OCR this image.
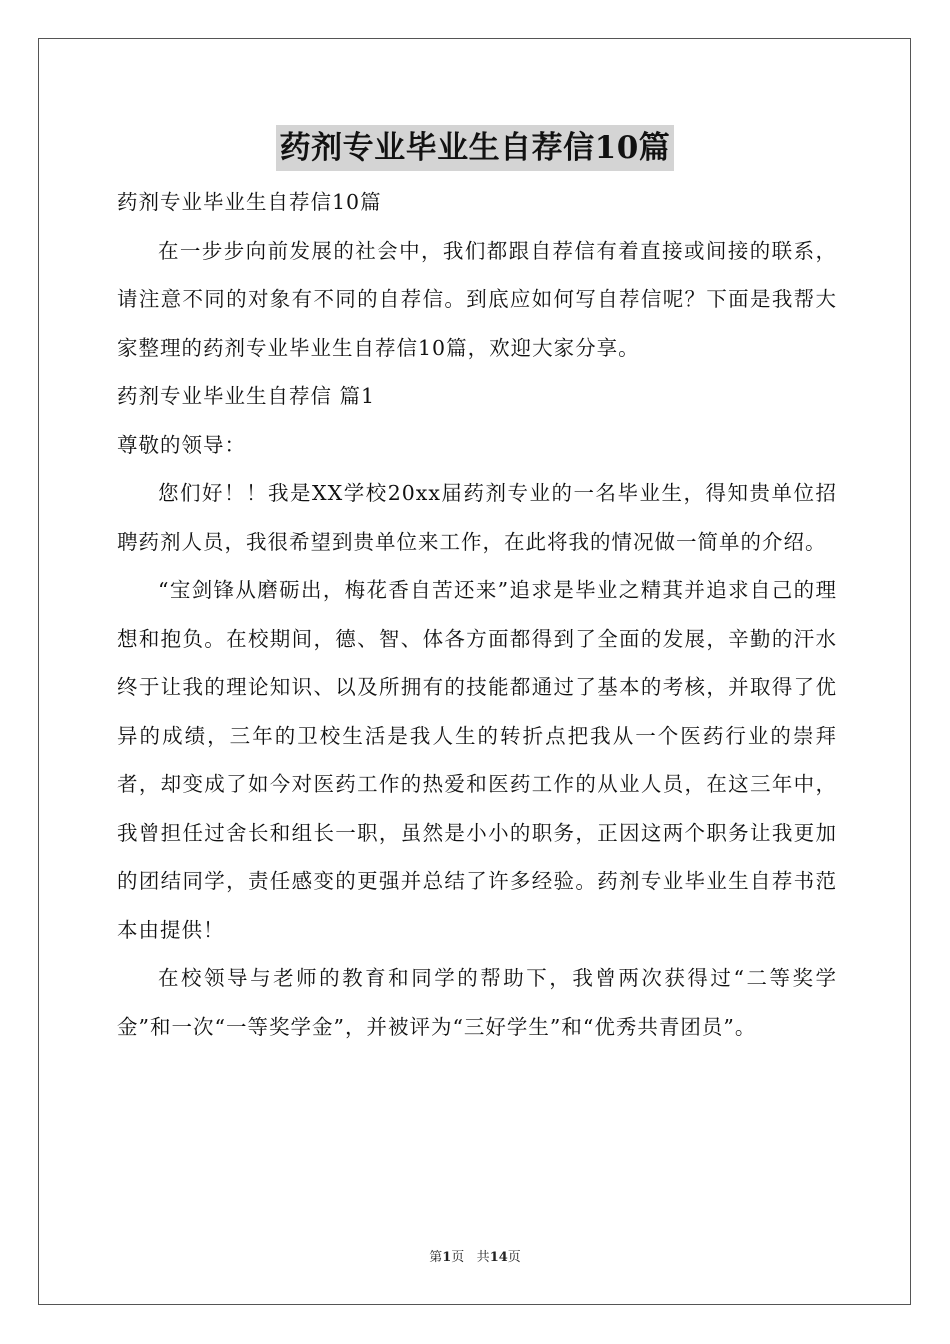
药剂专业毕业生自荐信10篇

药剂专业毕业生自荐信10篇

在一步步向前发展的社会中，我们都跟自荐信有着直接或间接的联系，请注意不同的对象有不同的自荐信。到底应如何写自荐信呢？下面是我帮大家整理的药剂专业毕业生自荐信10篇，欢迎大家分享。

药剂专业毕业生自荐信 篇1

尊敬的领导：

您们好！！我是XX学校20xx届药剂专业的一名毕业生，得知贵单位招聘药剂人员，我很希望到贵单位来工作，在此将我的情况做一简单的介绍。

“宝剑锋从磨砺出，梅花香自苦还来”追求是毕业之精萁并追求自己的理想和抱负。在校期间，德、智、体各方面都得到了全面的发展，辛勤的汗水终于让我的理论知识、以及所拥有的技能都通过了基本的考核，并取得了优异的成绩，三年的卫校生活是我人生的转折点把我从一个医药行业的崇拜者，却变成了如今对医药工作的热爱和医药工作的从业人员，在这三年中，我曾担任过舍长和组长一职，虽然是小小的职务，正因这两个职务让我更加的团结同学，责任感变的更强并总结了许多经验。药剂专业毕业生自荐书范本由提供！

在校领导与老师的教育和同学的帮助下，我曾两次获得过“二等奖学金”和一次“一等奖学金”，并被评为“三好学生”和“优秀共青团员”。

第1页 共14页
